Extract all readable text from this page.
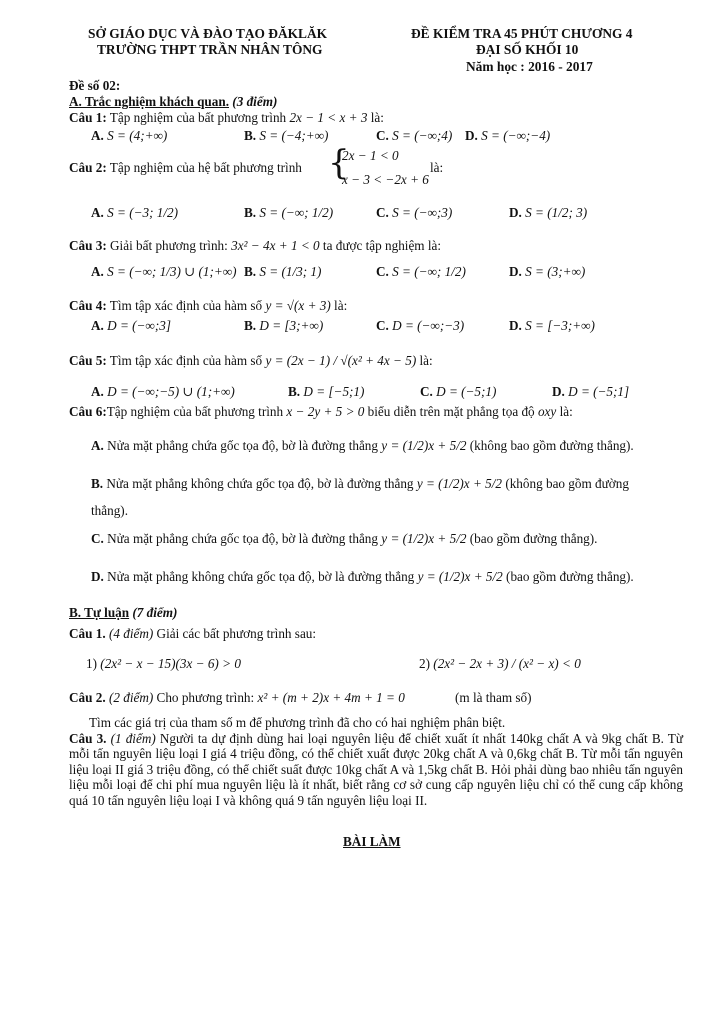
SỞ GIÁO DỤC VÀ ĐÀO TẠO ĐĂKLĂK
TRƯỜNG THPT TRẦN NHÂN TÔNG
ĐỀ KIỂM TRA 45 PHÚT CHƯƠNG 4
ĐẠI SỐ KHỐI 10
Năm học : 2016 - 2017
Đề số 02:
A. Trắc nghiệm khách quan. (3 điểm)
Câu 1: Tập nghiệm của bất phương trình 2x − 1 < x + 3 là:
A. S = (4;+∞)	B. S = (−4;+∞)	C. S = (−∞;4) D. S = (−∞;−4)
Câu 2: Tập nghiệm của hệ bất phương trình {
2x − 1 < 0
x − 3 < −2x + 6
là:
A. S = (−3; 1/2)	B. S = (−∞; 1/2)	C. S = (−∞;3)	D. S = (1/2; 3)
Câu 3: Giải bất phương trình: 3x² − 4x + 1 < 0 ta được tập nghiệm là:
A. S = (−∞; 1/3) ∪ (1;+∞) B. S = (1/3; 1)	C. S = (−∞; 1/2)	D. S = (3;+∞)
Câu 4: Tìm tập xác định của hàm số y = √(x + 3) là:
A. D = (−∞;3]	B. D = [3;+∞)	C. D = (−∞;−3)	D. S = [−3;+∞)
Câu 5: Tìm tập xác định của hàm số y = (2x − 1) / √(x² + 4x − 5) là:
A. D = (−∞;−5) ∪ (1;+∞)	B. D = [−5;1)	C. D = (−5;1)	D. D = (−5;1]
Câu 6:Tập nghiệm của bất phương trình x − 2y + 5 > 0 biểu diễn trên mặt phẳng tọa độ oxy là:
A. Nửa mặt phẳng chứa gốc tọa độ, bờ là đường thẳng y = (1/2)x + 5/2 (không bao gồm đường thẳng).
B. Nửa mặt phẳng không chứa gốc tọa độ, bờ là đường thẳng y = (1/2)x + 5/2 (không bao gồm đường
thẳng).
C. Nửa mặt phẳng chứa gốc tọa độ, bờ là đường thẳng y = (1/2)x + 5/2 (bao gồm đường thẳng).
D. Nửa mặt phẳng không chứa gốc tọa độ, bờ là đường thẳng y = (1/2)x + 5/2 (bao gồm đường thẳng).
B. Tự luận (7 điểm)
Câu 1. (4 điểm) Giải các bất phương trình sau:
1) (2x² − x − 15)(3x − 6) > 0	2) (2x² − 2x + 3) / (x² − x) < 0
Câu 2. (2 điểm) Cho phương trình: x² + (m + 2)x + 4m + 1 = 0	(m là tham số)
Tìm các giá trị của tham số m để phương trình đã cho có hai nghiệm phân biệt.
Câu 3. (1 điểm) Người ta dự định dùng hai loại nguyên liệu để chiết xuất ít nhất 140kg chất A và 9kg chất B. Từ mỗi tấn nguyên liệu loại I giá 4 triệu đồng, có thể chiết xuất được 20kg chất A và 0,6kg chất B. Từ mỗi tấn nguyên liệu loại II giá 3 triệu đồng, có thể chiết suất được 10kg chất A và 1,5kg chất B. Hỏi phải dùng bao nhiêu tấn nguyên liệu mỗi loại để chi phí mua nguyên liệu là ít nhất, biết rằng cơ sở cung cấp nguyên liệu chỉ có thể cung cấp không quá 10 tấn nguyên liệu loại I và không quá 9 tấn nguyên liệu loại II.
BÀI LÀM
